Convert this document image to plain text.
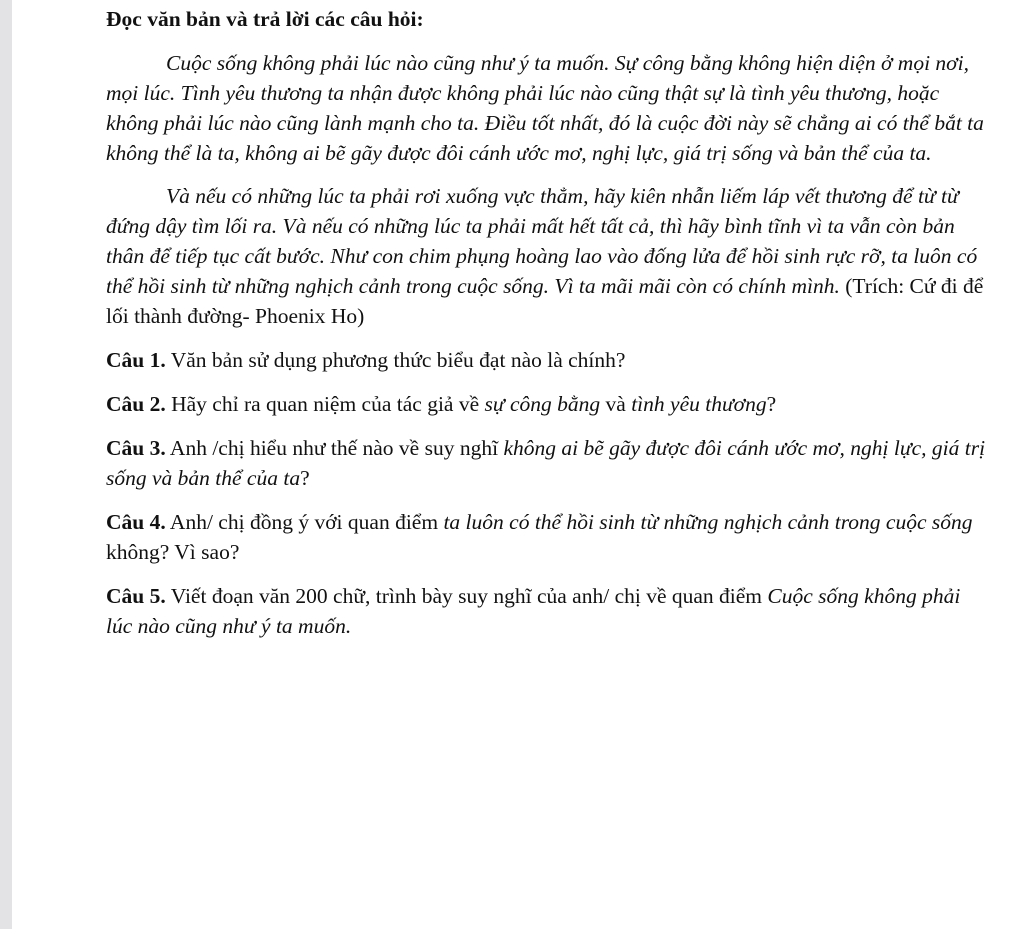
Đọc văn bản và trả lời các câu hỏi:

Cuộc sống không phải lúc nào cũng như ý ta muốn. Sự công bằng không hiện diện ở mọi nơi, mọi lúc. Tình yêu thương ta nhận được không phải lúc nào cũng thật sự là tình yêu thương, hoặc không phải lúc nào cũng lành mạnh cho ta. Điều tốt nhất, đó là cuộc đời này sẽ chẳng ai có thể bắt ta không thể là ta, không ai bẽ gãy được đôi cánh ước mơ, nghị lực, giá trị sống và bản thể của ta.

Và nếu có những lúc ta phải rơi xuống vực thẳm, hãy kiên nhẫn liếm láp vết thương để từ từ đứng dậy tìm lối ra. Và nếu có những lúc ta phải mất hết tất cả, thì hãy bình tĩnh vì ta vẫn còn bản thân để tiếp tục cất bước. Như con chim phụng hoàng lao vào đống lửa để hồi sinh rực rỡ, ta luôn có thể hồi sinh từ những nghịch cảnh trong cuộc sống. Vì ta mãi mãi còn có chính mình. (Trích: Cứ đi để lối thành đường- Phoenix Ho)

Câu 1. Văn bản sử dụng phương thức biểu đạt nào là chính?

Câu 2. Hãy chỉ ra quan niệm của tác giả về sự công bằng và tình yêu thương?

Câu 3. Anh /chị hiểu như thế nào về suy nghĩ không ai bẽ gãy được đôi cánh ước mơ, nghị lực, giá trị sống và bản thể của ta?

Câu 4. Anh/ chị đồng ý với quan điểm ta luôn có thể hồi sinh từ những nghịch cảnh trong cuộc sống không? Vì sao?

Câu 5. Viết đoạn văn 200 chữ, trình bày suy nghĩ của anh/ chị về quan điểm Cuộc sống không phải lúc nào cũng như ý ta muốn.
